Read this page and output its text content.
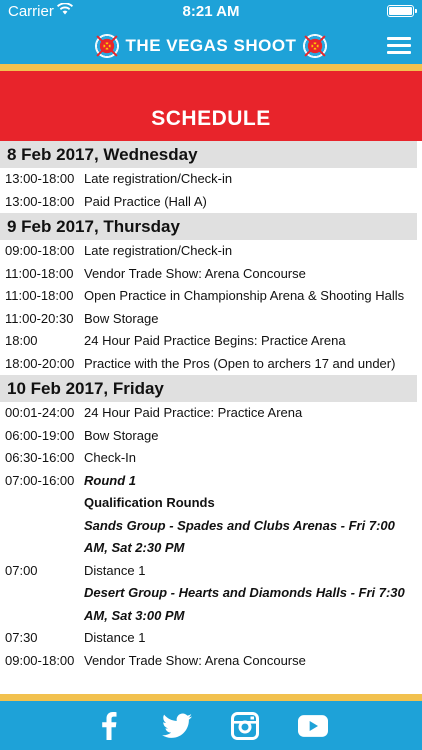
Carrier	8:21 AM
THE VEGAS SHOOT
SCHEDULE
8 Feb 2017, Wednesday
13:00-18:00 Late registration/Check-in
13:00-18:00 Paid Practice (Hall A)
9 Feb 2017, Thursday
09:00-18:00 Late registration/Check-in
11:00-18:00 Vendor Trade Show: Arena Concourse
11:00-18:00 Open Practice in Championship Arena & Shooting Halls
11:00-20:30 Bow Storage
18:00	24 Hour Paid Practice Begins: Practice Arena
18:00-20:00 Practice with the Pros (Open to archers 17 and under)
10 Feb 2017, Friday
00:01-24:00 24 Hour Paid Practice: Practice Arena
06:00-19:00 Bow Storage
06:30-16:00 Check-In
07:00-16:00 Round 1
Qualification Rounds
Sands Group - Spades and Clubs Arenas - Fri 7:00 AM, Sat 2:30 PM
07:00	Distance 1
Desert Group - Hearts and Diamonds Halls - Fri 7:30 AM, Sat 3:00 PM
07:30	Distance 1
09:00-18:00 Vendor Trade Show: Arena Concourse
